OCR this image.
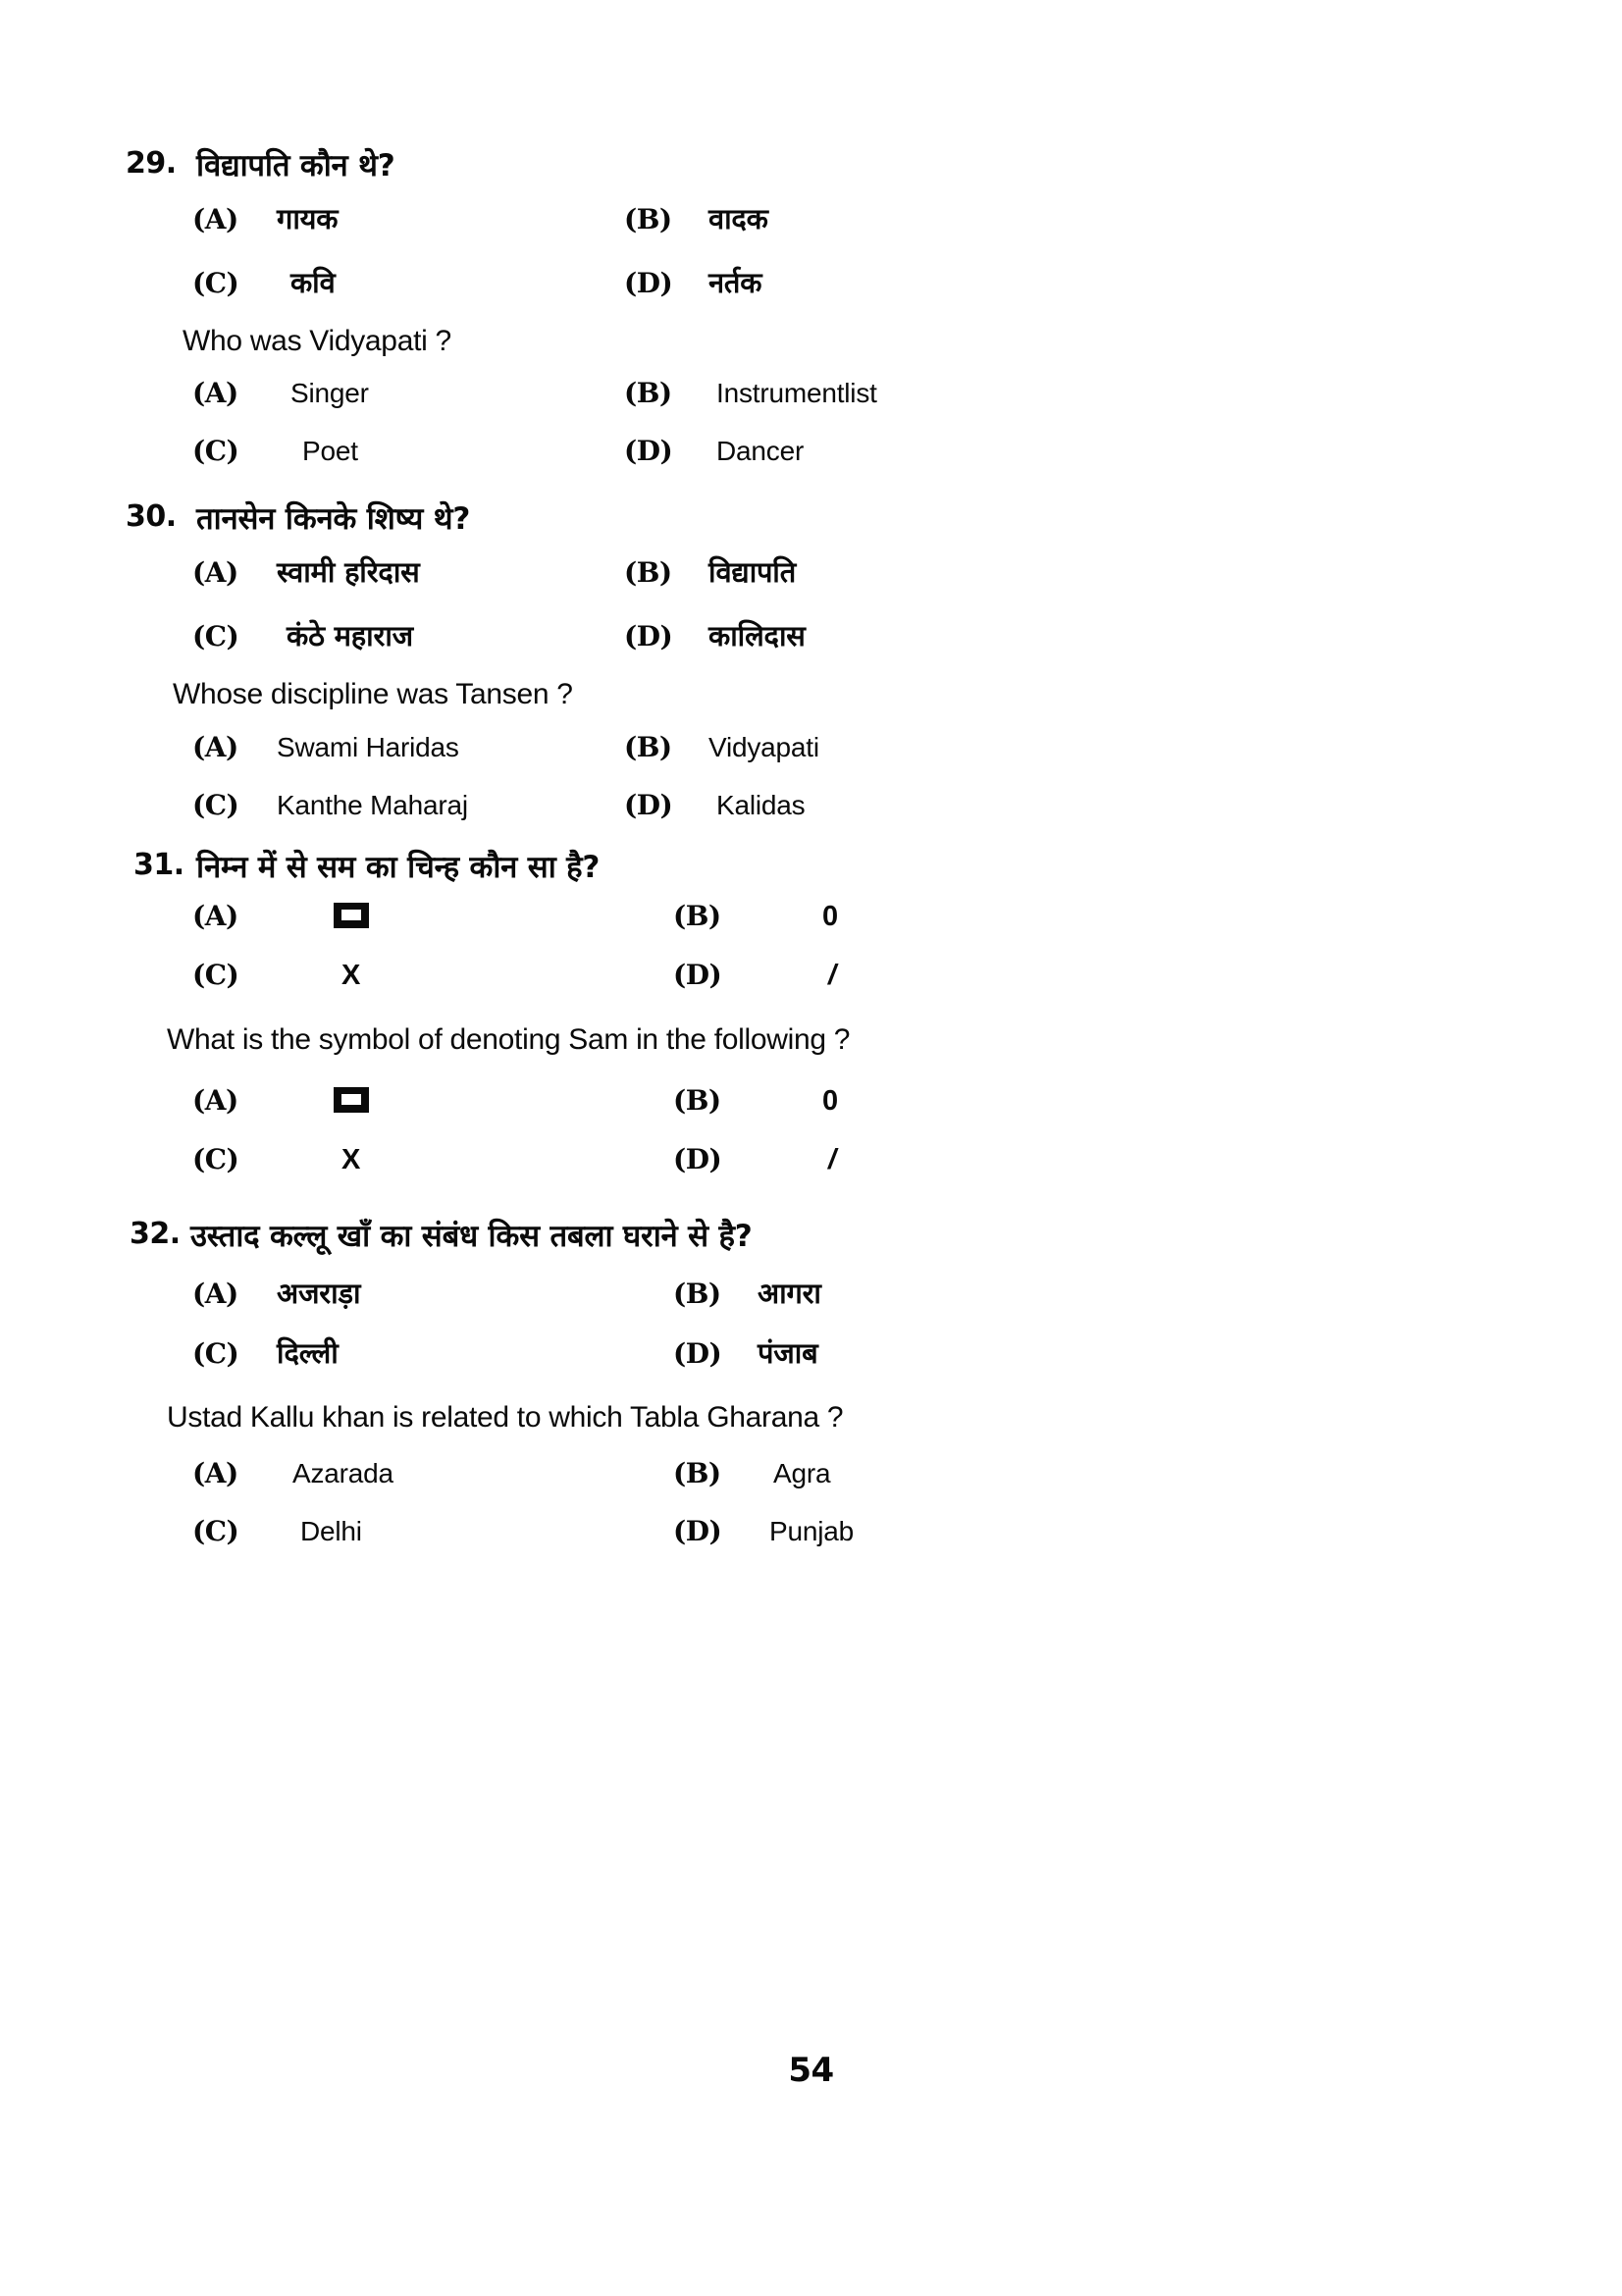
29. विद्यापति कौन थे?
(A)	गायक	(B)	वादक
(C)	कवि	(D)	नर्तक
Who was Vidyapati ?
(A)	Singer	(B)	Instrumentlist
(C)	Poet	(D)	Dancer
30. तानसेन किनके शिष्य थे?
(A)	स्वामी हरिदास	(B)	विद्यापति
(C)	कंठे महाराज	(D)	कालिदास
Whose discipline was Tansen ?
(A)	Swami Haridas	(B)	Vidyapati
(C)	Kanthe Maharaj	(D)	Kalidas
31. निम्न में से सम का चिन्ह कौन सा है?
(A)	(B)	0
(C)	X	(D)	/
What is the symbol of denoting Sam in the following ?
(A)	(B)	0
(C)	X	(D)	/
32. उस्ताद कल्लू खाँ का संबंध किस तबला घराने से है?
(A)	अजराड़ा	(B)	आगरा
(C)	दिल्ली	(D)	पंजाब
Ustad Kallu khan is related to which Tabla Gharana ?
(A)	Azarada	(B)	Agra
(C)	Delhi	(D)	Punjab
54
